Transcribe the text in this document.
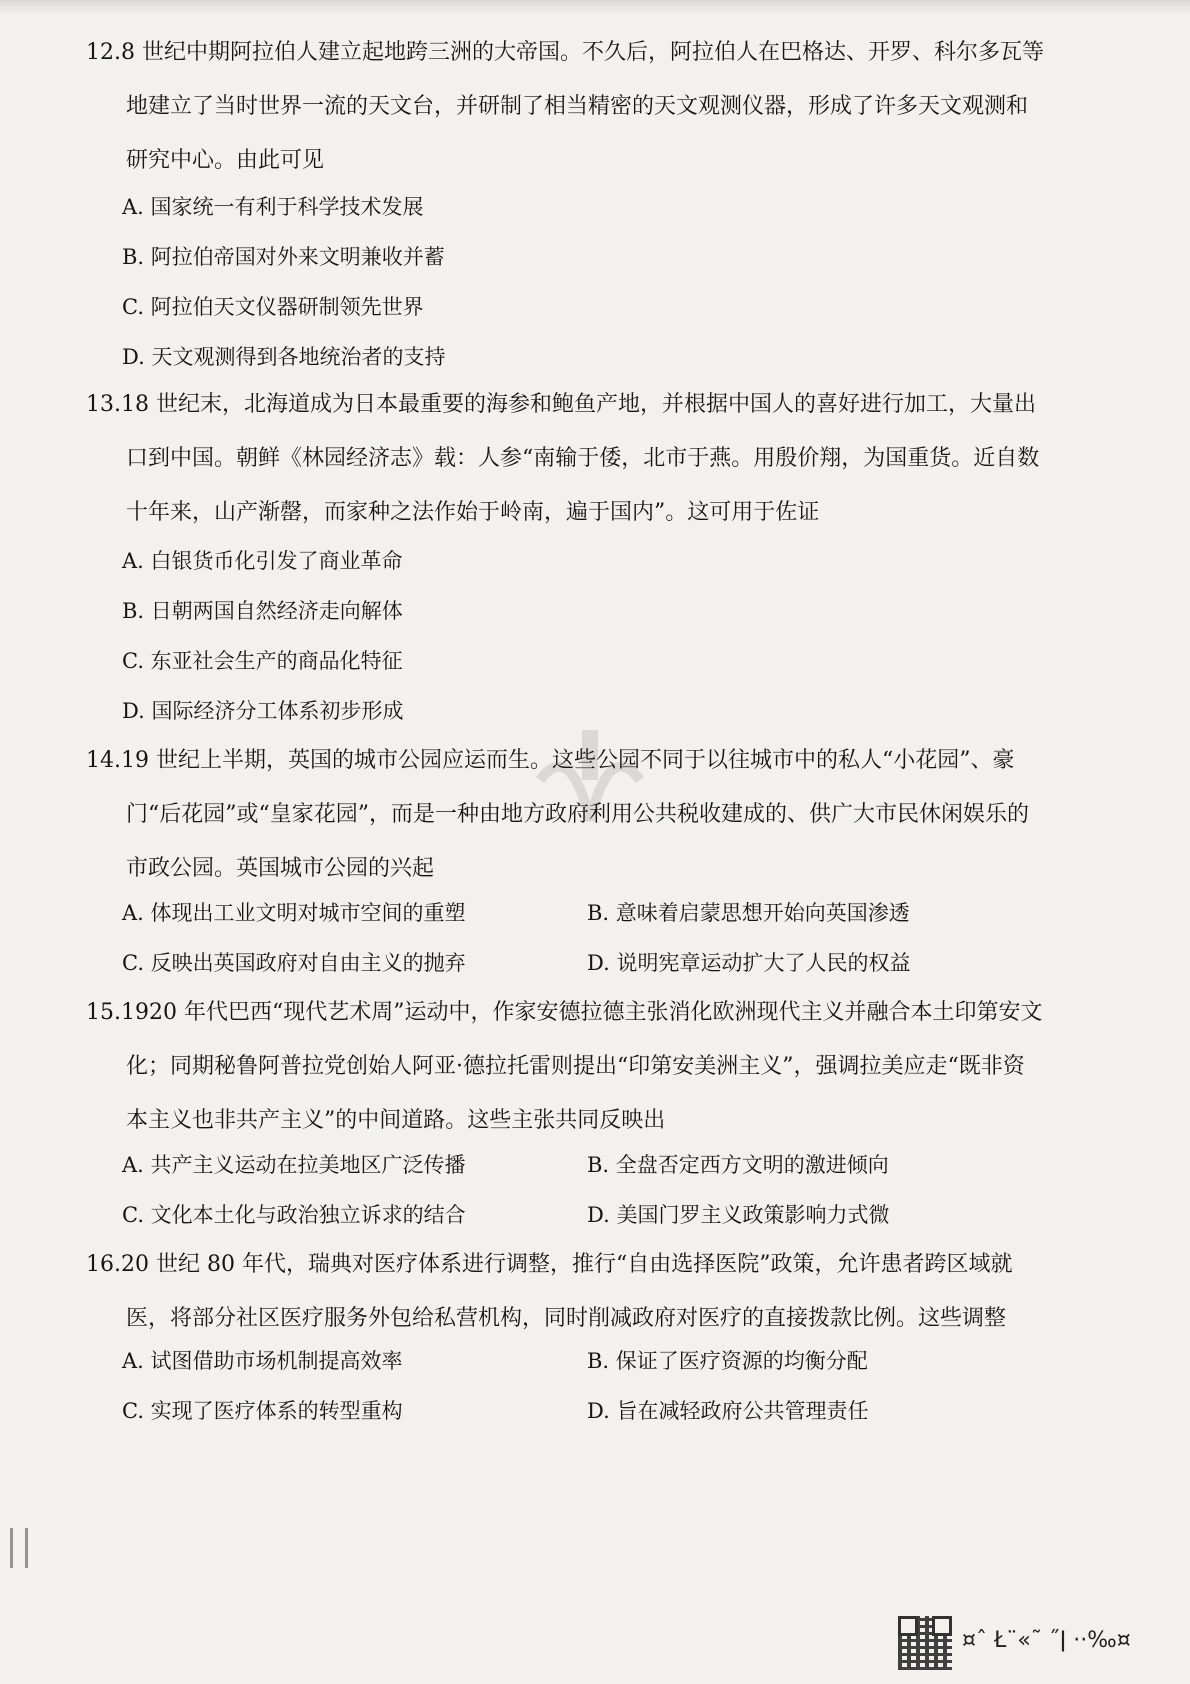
12.8 世纪中期阿拉伯人建立起地跨三洲的大帝国。不久后，阿拉伯人在巴格达、开罗、科尔多瓦等地建立了当时世界一流的天文台，并研制了相当精密的天文观测仪器，形成了许多天文观测和研究中心。由此可见

A. 国家统一有利于科学技术发展
B. 阿拉伯帝国对外来文明兼收并蓄
C. 阿拉伯天文仪器研制领先世界
D. 天文观测得到各地统治者的支持

13.18 世纪末，北海道成为日本最重要的海参和鲍鱼产地，并根据中国人的喜好进行加工，大量出口到中国。朝鲜《林园经济志》载：人参“南输于倭，北市于燕。用殷价翔，为国重货。近自数十年来，山产渐罄，而家种之法作始于岭南，遍于国内”。这可用于佐证

A. 白银货币化引发了商业革命
B. 日朝两国自然经济走向解体
C. 东亚社会生产的商品化特征
D. 国际经济分工体系初步形成

14.19 世纪上半期，英国的城市公园应运而生。这些公园不同于以往城市中的私人“小花园”、豪门“后花园”或“皇家花园”，而是一种由地方政府利用公共税收建成的、供广大市民休闲娱乐的市政公园。英国城市公园的兴起

A. 体现出工业文明对城市空间的重塑	B. 意味着启蒙思想开始向英国渗透
C. 反映出英国政府对自由主义的抛弃	D. 说明宪章运动扩大了人民的权益

15.1920 年代巴西“现代艺术周”运动中，作家安德拉德主张消化欧洲现代主义并融合本土印第安文化；同期秘鲁阿普拉党创始人阿亚·德拉托雷则提出“印第安美洲主义”，强调拉美应走“既非资本主义也非共产主义”的中间道路。这些主张共同反映出

A. 共产主义运动在拉美地区广泛传播	B. 全盘否定西方文明的激进倾向
C. 文化本土化与政治独立诉求的结合	D. 美国门罗主义政策影响力式微

16.20 世纪 80 年代，瑞典对医疗体系进行调整，推行“自由选择医院”政策，允许患者跨区域就医，将部分社区医疗服务外包给私营机构，同时削减政府对医疗的直接拨款比例。这些调整

A. 试图借助市场机制提高效率	B. 保证了医疗资源的均衡分配
C. 实现了医疗体系的转型重构	D. 旨在减轻政府公共管理责任
¤ˆ Ł¨«˜ ˝ǀ ··‰¤
